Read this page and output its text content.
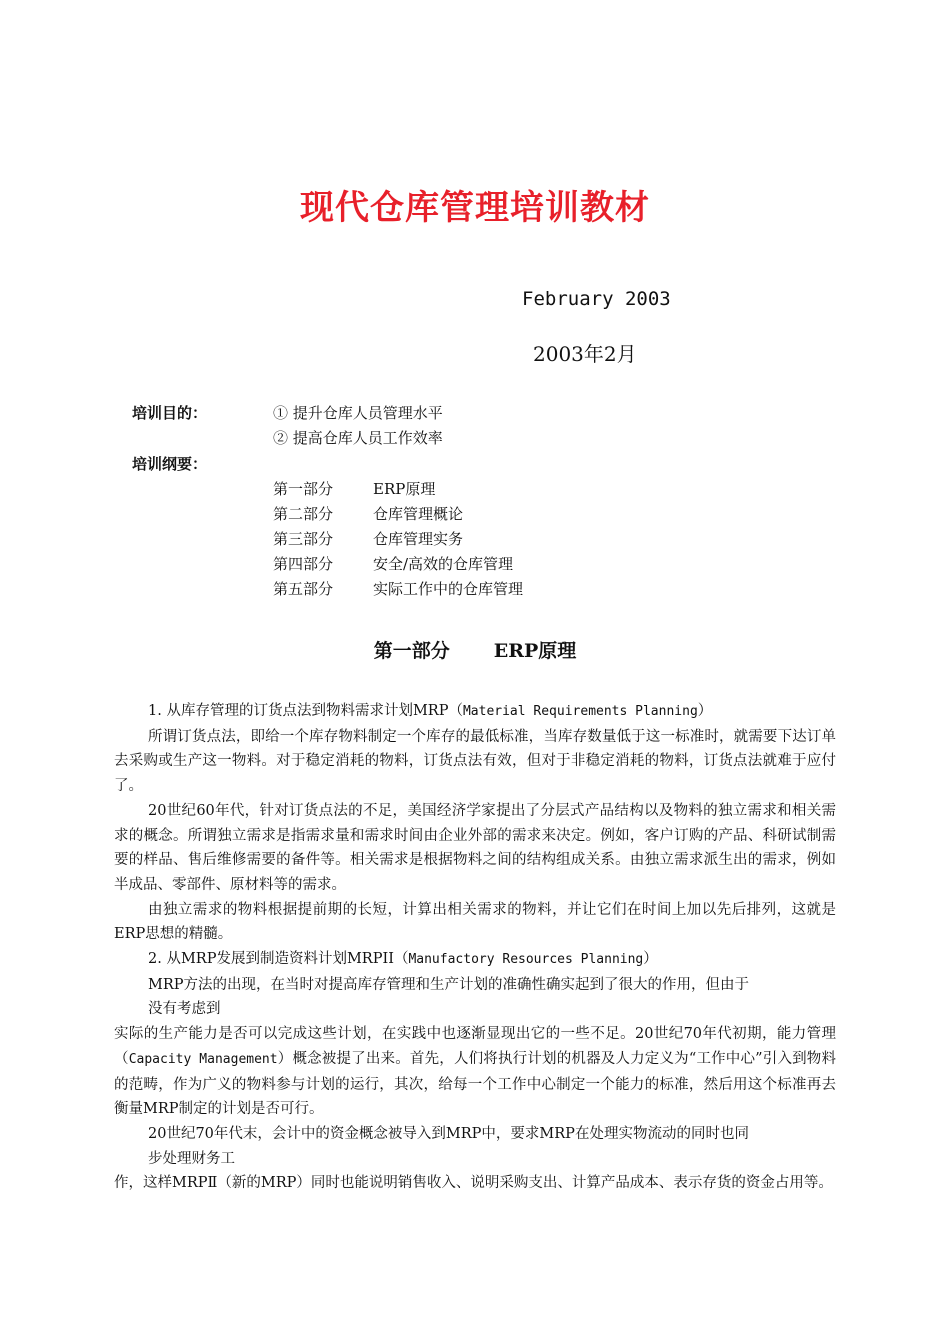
现代仓库管理培训教材
February 2003
2003年2月
培训目的：	① 提升仓库人员管理水平
② 提高仓库人员工作效率
培训纲要：
第一部分	ERP原理
第二部分	仓库管理概论
第三部分	仓库管理实务
第四部分	安全/高效的仓库管理
第五部分	实际工作中的仓库管理
第一部分 ERP原理

1. 从库存管理的订货点法到物料需求计划MRP（Material Requirements Planning）

所谓订货点法，即给一个库存物料制定一个库存的最低标准，当库存数量低于这一标准时，就需要下达订单去采购或生产这一物料。对于稳定消耗的物料，订货点法有效，但对于非稳定消耗的物料，订货点法就难于应付了。

20世纪60年代，针对订货点法的不足，美国经济学家提出了分层式产品结构以及物料的独立需求和相关需求的概念。所谓独立需求是指需求量和需求时间由企业外部的需求来决定。例如，客户订购的产品、科研试制需要的样品、售后维修需要的备件等。相关需求是根据物料之间的结构组成关系。由独立需求派生出的需求，例如半成品、零部件、原材料等的需求。

由独立需求的物料根据提前期的长短，计算出相关需求的物料，并让它们在时间上加以先后排列，这就是ERP思想的精髓。

2. 从MRP发展到制造资料计划MRPII（Manufactory Resources Planning）

MRP方法的出现，在当时对提高库存管理和生产计划的准确性确实起到了很大的作用，但由于

没有考虑到

实际的生产能力是否可以完成这些计划，在实践中也逐渐显现出它的一些不足。20世纪70年代初期，能力管理（Capacity Management）概念被提了出来。首先，人们将执行计划的机器及人力定义为“工作中心”引入到物料的范畴，作为广义的物料参与计划的运行，其次，给每一个工作中心制定一个能力的标准，然后用这个标准再去衡量MRP制定的计划是否可行。

20世纪70年代末，会计中的资金概念被导入到MRP中，要求MRP在处理实物流动的同时也同

步处理财务工

作，这样MRPⅡ（新的MRP）同时也能说明销售收入、说明采购支出、计算产品成本、表示存货的资金占用等。
